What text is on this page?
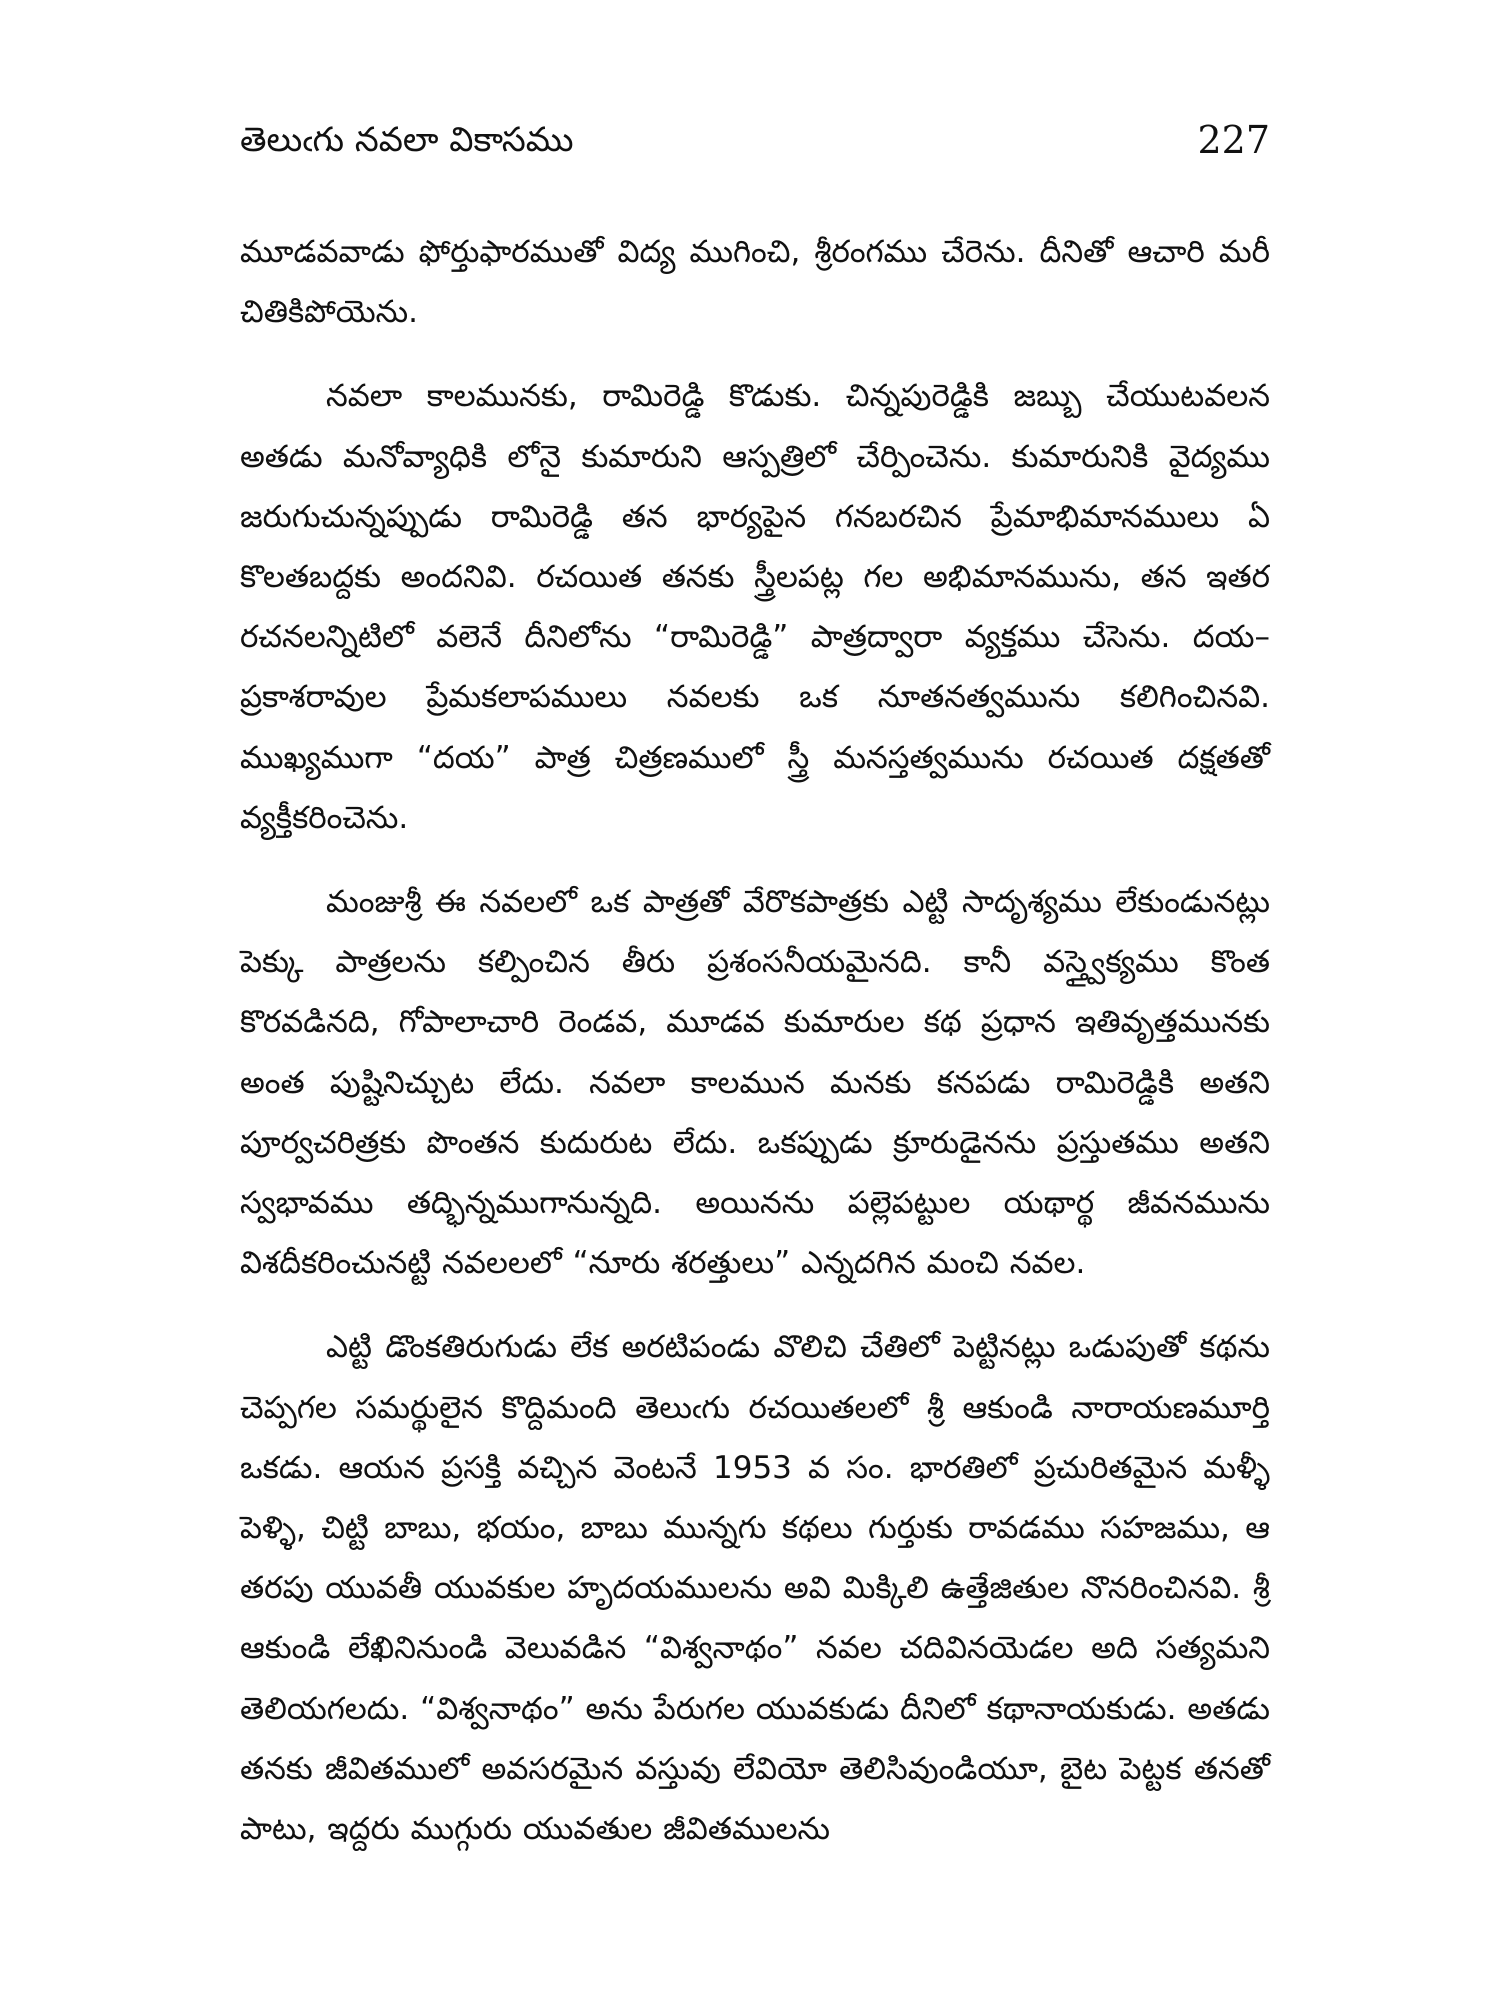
తెలుఁగు నవలా వికాసము	227

మూడవవాడు ఫోర్తుఫారముతో విద్య ముగించి, శ్రీరంగము చేరెను. దీనితో ఆచారి మరీ చితికిపోయెను.

నవలా కాలమునకు, రామిరెడ్డి కొడుకు. చిన్నపురెడ్డికి జబ్బు చేయుటవలన అతడు మనోవ్యాధికి లోనై కుమారుని ఆస్పత్రిలో చేర్పించెను. కుమారునికి వైద్యము జరుగుచున్నప్పుడు రామిరెడ్డి తన భార్యపైన గనబరచిన ప్రేమాభిమానములు ఏ కొలతబద్దకు అందనివి. రచయిత తనకు స్త్రీలపట్ల గల అభిమానమును, తన ఇతర రచనలన్నిటిలో వలెనే దీనిలోను “రామిరెడ్డి” పాత్రద్వారా వ్యక్తము చేసెను. దయ–ప్రకాశరావుల ప్రేమకలాపములు నవలకు ఒక నూతనత్వమును కలిగించినవి. ముఖ్యముగా “దయ” పాత్ర చిత్రణములో స్త్రీ మనస్తత్వమును రచయిత దక్షతతో వ్యక్తీకరించెను.

మంజుశ్రీ ఈ నవలలో ఒక పాత్రతో వేరొకపాత్రకు ఎట్టి సాదృశ్యము లేకుండునట్లు పెక్కు పాత్రలను కల్పించిన తీరు ప్రశంసనీయమైనది. కానీ వస్త్వైక్యము కొంత కొరవడినది, గోపాలాచారి రెండవ, మూడవ కుమారుల కథ ప్రధాన ఇతివృత్తమునకు అంత పుష్టినిచ్చుట లేదు. నవలా కాలమున మనకు కనపడు రామిరెడ్డికి అతని పూర్వచరిత్రకు పొంతన కుదురుట లేదు. ఒకప్పుడు క్రూరుడైనను ప్రస్తుతము అతని స్వభావము తద్భిన్నముగానున్నది. అయినను పల్లెపట్టుల యథార్థ జీవనమును విశదీకరించునట్టి నవలలలో “నూరు శరత్తులు” ఎన్నదగిన మంచి నవల.

ఎట్టి డొంకతిరుగుడు లేక అరటిపండు వొలిచి చేతిలో పెట్టినట్లు ఒడుపుతో కథను చెప్పగల సమర్థులైన కొద్దిమంది తెలుఁగు రచయితలలో శ్రీ ఆకుండి నారాయణమూర్తి ఒకడు. ఆయన ప్రసక్తి వచ్చిన వెంటనే 1953 వ సం. భారతిలో ప్రచురితమైన మళ్ళీ పెళ్ళి, చిట్టి బాబు, భయం, బాబు మున్నగు కథలు గుర్తుకు రావడము సహజము, ఆ తరపు యువతీ యువకుల హృదయములను అవి మిక్కిలి ఉత్తేజితుల నొనరించినవి. శ్రీ ఆకుండి లేఖినినుండి వెలువడిన “విశ్వనాథం” నవల చదివినయెడల అది సత్యమని తెలియగలదు. “విశ్వనాథం” అను పేరుగల యువకుడు దీనిలో కథానాయకుడు. అతడు తనకు జీవితములో అవసరమైన వస్తువు లేవియో తెలిసివుండియూ, బైట పెట్టక తనతో పాటు, ఇద్దరు ముగ్గురు యువతుల జీవితములను
